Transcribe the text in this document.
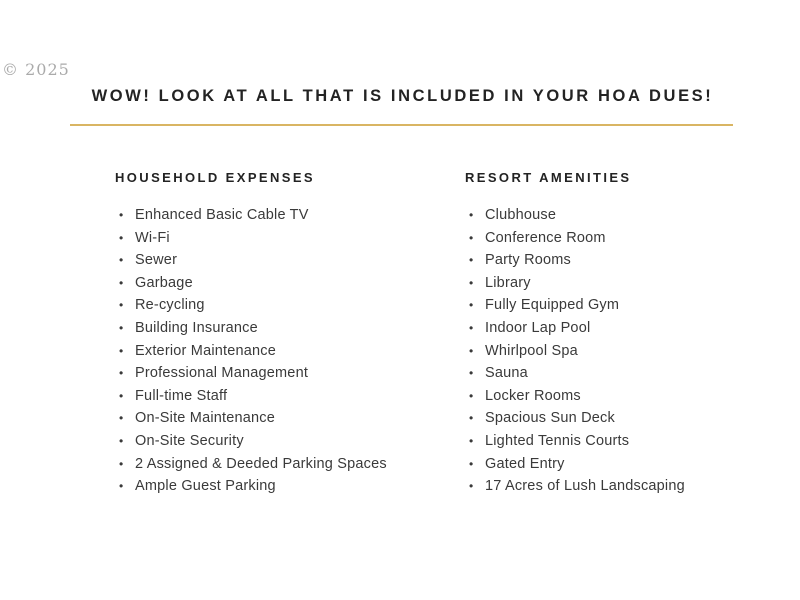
© 2025
WOW! LOOK AT ALL THAT IS INCLUDED IN YOUR HOA DUES!
HOUSEHOLD EXPENSES
• Enhanced Basic Cable TV
• Wi-Fi
• Sewer
• Garbage
• Re-cycling
• Building Insurance
• Exterior Maintenance
• Professional Management
• Full-time Staff
• On-Site Maintenance
• On-Site Security
• 2 Assigned & Deeded Parking Spaces
• Ample Guest Parking
RESORT AMENITIES
• Clubhouse
• Conference Room
• Party Rooms
• Library
• Fully Equipped Gym
• Indoor Lap Pool
• Whirlpool Spa
• Sauna
• Locker Rooms
• Spacious Sun Deck
• Lighted Tennis Courts
• Gated Entry
• 17 Acres of Lush Landscaping
